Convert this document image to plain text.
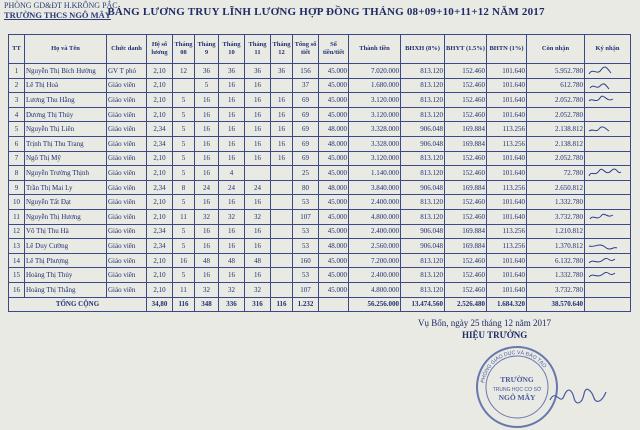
PHÒNG GD&ĐT H.KRÔNG PẮC
TRƯỜNG THCS NGÔ MÂY
BẢNG LƯƠNG TRUY LĨNH LƯƠNG HỢP ĐỒNG THÁNG 08+09+10+11+12 NĂM 2017
TT	Họ và Tên	Chức danh	Hệ số lương	Tháng 08	Tháng 9	Tháng 10	Tháng 11	Tháng 12	Tổng số tiết	Số tiền/tiết	Thành tiền	BHXH (8%)	BHYT (1.5%)	BHTN (1%)	Còn nhận	Ký nhận
1	Nguyễn Thị Bích Hường	GV T phó	2,10	12	36	36	36	36	156	45.000	7.020.000	813.120	152.460	101.640	5.952.780	

2	Lê Thị Hoà	Giáo viên	2,10		5	16	16		37	45.000	1.680.000	813.120	152.460	101.640	612.780	

3	Lương Thu Hằng	Giáo viên	2,10	5	16	16	16	16	69	45.000	3.120.000	813.120	152.460	101.640	2.052.780	

4	Dương Thị Thủy	Giáo viên	2,10	5	16	16	16	16	69	45.000	3.120.000	813.120	152.460	101.640	2.052.780	
5	Nguyễn Thị Liên	Giáo viên	2,34	5	16	16	16	16	69	48.000	3.328.000	906.048	169.884	113.256	2.138.812	

6	Trịnh Thị Thu Trang	Giáo viên	2,34	5	16	16	16	16	69	48.000	3.328.000	906.048	169.884	113.256	2.138.812	
7	Ngô Thị Mỹ	Giáo viên	2,10	5	16	16	16	16	69	45.000	3.120.000	813.120	152.460	101.640	2.052.780	
8	Nguyễn Trường Thịnh	Giáo viên	2,10	5	16	4			25	45.000	1.140.000	813.120	152.460	101.640	72.780	

9	Trần Thị Mai Ly	Giáo viên	2,34	8	24	24	24		80	48.000	3.840.000	906.048	169.884	113.256	2.650.812	
10	Nguyễn Tất Đạt	Giáo viên	2,10	5	16	16	16		53	45.000	2.400.000	813.120	152.460	101.640	1.332.780	
11	Nguyễn Thị Hương	Giáo viên	2,10	11	32	32	32		107	45.000	4.800.000	813.120	152.460	101.640	3.732.780	

12	Võ Thị Thu Hà	Giáo viên	2,34	5	16	16	16		53	45.000	2.400.000	906.048	169.884	113.256	1.210.812	
13	Lê Duy Cường	Giáo viên	2,34	5	16	16	16		53	48.000	2.560.000	906.048	169.884	113.256	1.370.812	

14	Lê Thị Phượng	Giáo viên	2,10	16	48	48	48		160	45.000	7.200.000	813.120	152.460	101.640	6.132.780	

15	Hoàng Thị Thủy	Giáo viên	2,10	5	16	16	16		53	45.000	2.400.000	813.120	152.460	101.640	1.332.780	

16	Hoàng Thị Thắng	Giáo viên	2,10	11	32	32	32		107	45.000	4.800.000	813.120	152.460	101.640	3.732.780	
TỔNG CỘNG			34,80	116	348	336	316	116	1.232		56.256.000	13.474.560	2.526.480	1.684.320	38.570.640	
Vụ Bổn, ngày 25 tháng 12 năm 2017
HIỆU TRƯỞNG
PHÒNG GIÁO DỤC VÀ ĐÀO TẠO
TRƯỜNG
TRUNG HỌC CƠ SỞ
NGÔ MÂY
